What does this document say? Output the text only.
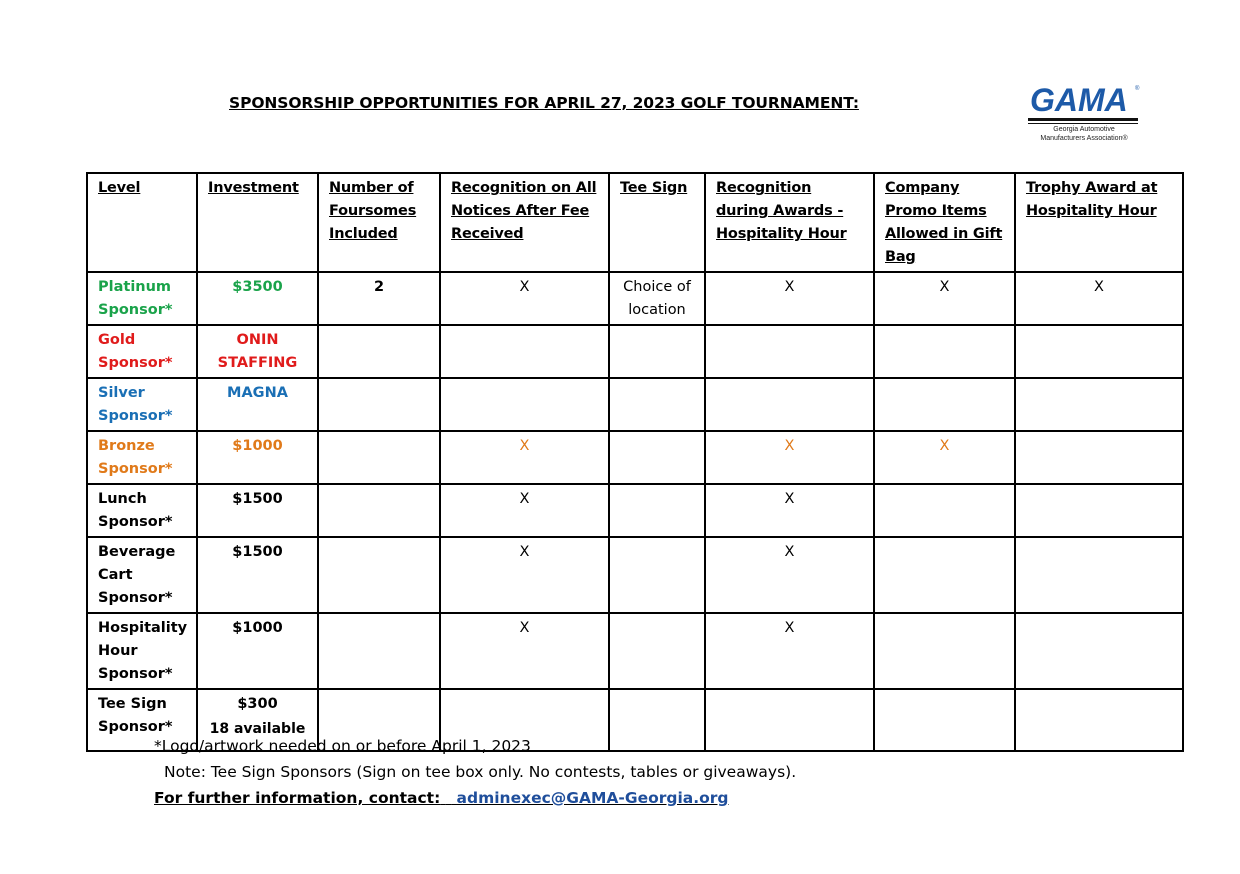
SPONSORSHIP OPPORTUNITIES FOR APRIL 27, 2023 GOLF TOURNAMENT:	GAMA ®
Georgia Automotive
Manufacturers Association®
Level	Investment	Number of Foursomes Included	Recognition on All Notices After Fee Received	Tee Sign	Recognition during Awards - Hospitality Hour	Company Promo Items Allowed in Gift Bag	Trophy Award at Hospitality Hour
Platinum Sponsor*	$3500	2	X	Choice of location	X	X	X
Gold Sponsor*	ONIN STAFFING						
Silver Sponsor*	MAGNA						
Bronze Sponsor*	$1000		X		X	X	
Lunch Sponsor*	$1500		X		X		
Beverage Cart Sponsor*	$1500		X		X		
Hospitality Hour Sponsor*	$1000		X		X		
Tee Sign Sponsor*	$300
18 available						

*Logo/artwork needed on or before April 1, 2023
Note: Tee Sign Sponsors (Sign on tee box only. No contests, tables or giveaways).
For further information, contact: adminexec@GAMA-Georgia.org
